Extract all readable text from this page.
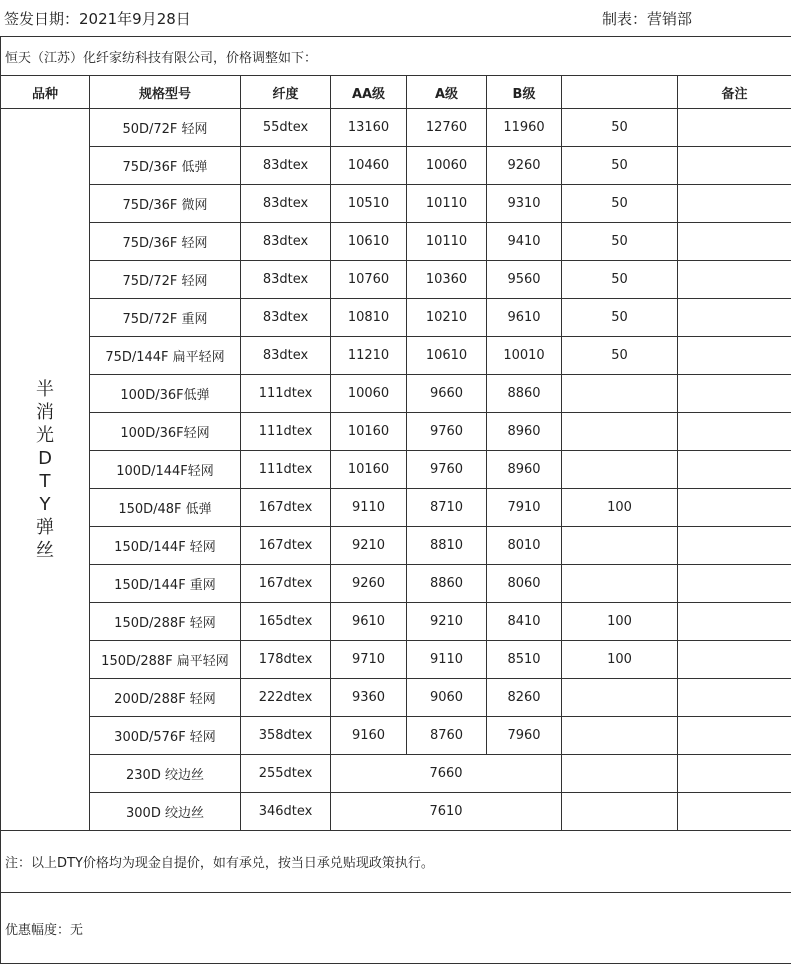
签发日期：2021年9月28日	制表：营销部
恒天（江苏）化纤家纺科技有限公司，价格调整如下：							
品种	规格型号	纤度	AA级	A级	B级		备注
半消光DTY弹丝	50D/72F 轻网	55dtex	13160	12760	11960	50	
	75D/36F 低弹	83dtex	10460	10060	9260	50	
	75D/36F 微网	83dtex	10510	10110	9310	50	
	75D/36F 轻网	83dtex	10610	10110	9410	50	
	75D/72F 轻网	83dtex	10760	10360	9560	50	
	75D/72F 重网	83dtex	10810	10210	9610	50	
	75D/144F 扁平轻网	83dtex	11210	10610	10010	50	
	100D/36F低弹	111dtex	10060	9660	8860		
	100D/36F轻网	111dtex	10160	9760	8960		
	100D/144F轻网	111dtex	10160	9760	8960		
	150D/48F 低弹	167dtex	9110	8710	7910	100	
	150D/144F 轻网	167dtex	9210	8810	8010		
	150D/144F 重网	167dtex	9260	8860	8060		
	150D/288F 轻网	165dtex	9610	9210	8410	100	
	150D/288F 扁平轻网	178dtex	9710	9110	8510	100	
	200D/288F 轻网	222dtex	9360	9060	8260		
	300D/576F 轻网	358dtex	9160	8760	7960		
	230D 绞边丝	255dtex	7660				
	300D 绞边丝	346dtex	7610				
注：以上DTY价格均为现金自提价，如有承兑，按当日承兑贴现政策执行。							
优惠幅度：无							
